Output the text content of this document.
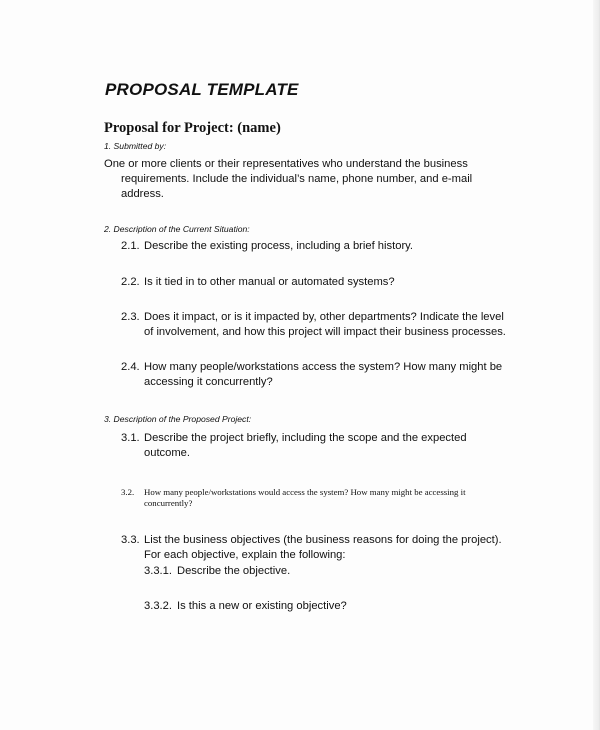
PROPOSAL TEMPLATE
Proposal for Project: (name)

1. Submitted by:

One or more clients or their representatives who understand the business

requirements. Include the individual’s name, phone number, and e-mail

address.

2. Description of the Current Situation:

2.1. Describe the existing process, including a brief history.

2.2. Is it tied in to other manual or automated systems?

2.3. Does it impact, or is it impacted by, other departments? Indicate the level

of involvement, and how this project will impact their business processes.

2.4. How many people/workstations access the system? How many might be

accessing it concurrently?

3. Description of the Proposed Project:

3.1. Describe the project briefly, including the scope and the expected

outcome.

3.2. How many people/workstations would access the system? How many might be accessing it

concurrently?

3.3. List the business objectives (the business reasons for doing the project).

For each objective, explain the following:

3.3.1. Describe the objective.

3.3.2. Is this a new or existing objective?
